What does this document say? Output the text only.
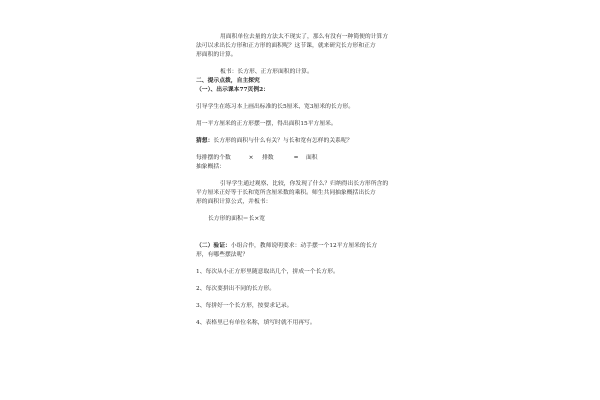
用面积单位去量的方法太不现实了，那么有没有一种简便的计算方
法可以求出长方形和正方形的面积呢？这节课，就来研究长方形和正方
形面积的计算。
板书：长方形、正方形面积的计算。
二、提示点拨，自主探究
（一）、出示课本77页例2：
引导学生在练习本上画出标准的长5厘米、宽3厘米的长方形。
用一平方厘米的正方形摆一摆，得出面积15平方厘米。
猜想：长方形的面积与什么有关？与长和宽有怎样的关系呢？
每排摆的个数	× 排数	= 面积
抽象概括：
引导学生通过观察、比较，你发现了什么？归纳得出长方形所含的
平方厘米正好等于长和宽所含厘米数的乘积。师生共同抽象概括出长方
形的面积计算公式，并板书：
长方形的面积＝长×宽
（二）验证：小组合作，教师说明要求：动手摆一个12平方厘米的长方
形，有哪些摆法呢？
1、每次从小正方形里随意取出几个，拼成一个长方形。
2、每次要拼出不同的长方形。
3、每拼好一个长方形，按要求记录。
4、表格里已有单位名称，填写时就不用再写。
